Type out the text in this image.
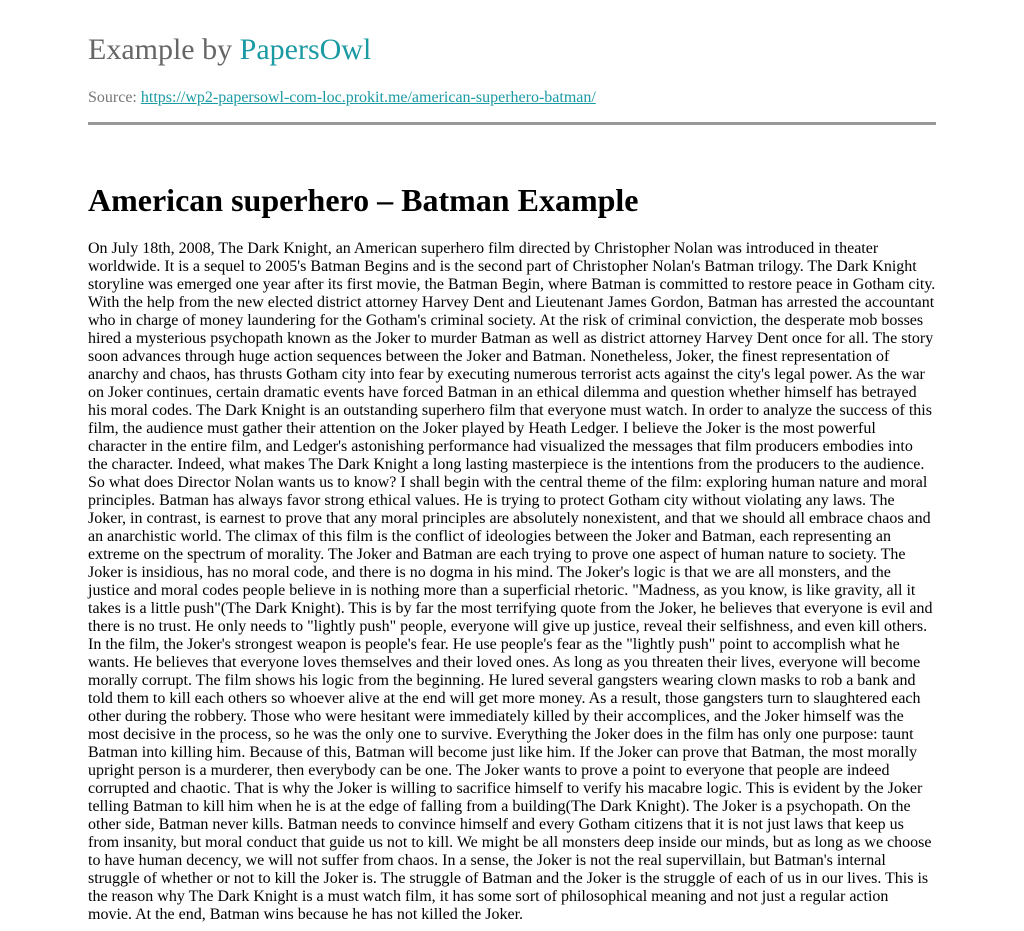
Example by PapersOwl
Source: https://wp2-papersowl-com-loc.prokit.me/american-superhero-batman/
American superhero – Batman Example

On July 18th, 2008, The Dark Knight, an American superhero film directed by Christopher Nolan was introduced in theater worldwide. It is a sequel to 2005's Batman Begins and is the second part of Christopher Nolan's Batman trilogy. The Dark Knight storyline was emerged one year after its first movie, the Batman Begin, where Batman is committed to restore peace in Gotham city. With the help from the new elected district attorney Harvey Dent and Lieutenant James Gordon, Batman has arrested the accountant who in charge of money laundering for the Gotham's criminal society. At the risk of criminal conviction, the desperate mob bosses hired a mysterious psychopath known as the Joker to murder Batman as well as district attorney Harvey Dent once for all. The story soon advances through huge action sequences between the Joker and Batman. Nonetheless, Joker, the finest representation of anarchy and chaos, has thrusts Gotham city into fear by executing numerous terrorist acts against the city's legal power. As the war on Joker continues, certain dramatic events have forced Batman in an ethical dilemma and question whether himself has betrayed his moral codes. The Dark Knight is an outstanding superhero film that everyone must watch. In order to analyze the success of this film, the audience must gather their attention on the Joker played by Heath Ledger. I believe the Joker is the most powerful character in the entire film, and Ledger's astonishing performance had visualized the messages that film producers embodies into the character. Indeed, what makes The Dark Knight a long lasting masterpiece is the intentions from the producers to the audience. So what does Director Nolan wants us to know? I shall begin with the central theme of the film: exploring human nature and moral principles. Batman has always favor strong ethical values. He is trying to protect Gotham city without violating any laws. The Joker, in contrast, is earnest to prove that any moral principles are absolutely nonexistent, and that we should all embrace chaos and an anarchistic world. The climax of this film is the conflict of ideologies between the Joker and Batman, each representing an extreme on the spectrum of morality. The Joker and Batman are each trying to prove one aspect of human nature to society. The Joker is insidious, has no moral code, and there is no dogma in his mind. The Joker's logic is that we are all monsters, and the justice and moral codes people believe in is nothing more than a superficial rhetoric. "Madness, as you know, is like gravity, all it takes is a little push"(The Dark Knight). This is by far the most terrifying quote from the Joker, he believes that everyone is evil and there is no trust. He only needs to "lightly push" people, everyone will give up justice, reveal their selfishness, and even kill others. In the film, the Joker's strongest weapon is people's fear. He use people's fear as the "lightly push" point to accomplish what he wants. He believes that everyone loves themselves and their loved ones. As long as you threaten their lives, everyone will become morally corrupt. The film shows his logic from the beginning. He lured several gangsters wearing clown masks to rob a bank and told them to kill each others so whoever alive at the end will get more money. As a result, those gangsters turn to slaughtered each other during the robbery. Those who were hesitant were immediately killed by their accomplices, and the Joker himself was the most decisive in the process, so he was the only one to survive. Everything the Joker does in the film has only one purpose: taunt Batman into killing him. Because of this, Batman will become just like him. If the Joker can prove that Batman, the most morally upright person is a murderer, then everybody can be one. The Joker wants to prove a point to everyone that people are indeed corrupted and chaotic. That is why the Joker is willing to sacrifice himself to verify his macabre logic. This is evident by the Joker telling Batman to kill him when he is at the edge of falling from a building(The Dark Knight). The Joker is a psychopath. On the other side, Batman never kills. Batman needs to convince himself and every Gotham citizens that it is not just laws that keep us from insanity, but moral conduct that guide us not to kill. We might be all monsters deep inside our minds, but as long as we choose to have human decency, we will not suffer from chaos. In a sense, the Joker is not the real supervillain, but Batman's internal struggle of whether or not to kill the Joker is. The struggle of Batman and the Joker is the struggle of each of us in our lives. This is the reason why The Dark Knight is a must watch film, it has some sort of philosophical meaning and not just a regular action movie. At the end, Batman wins because he has not killed the Joker.
